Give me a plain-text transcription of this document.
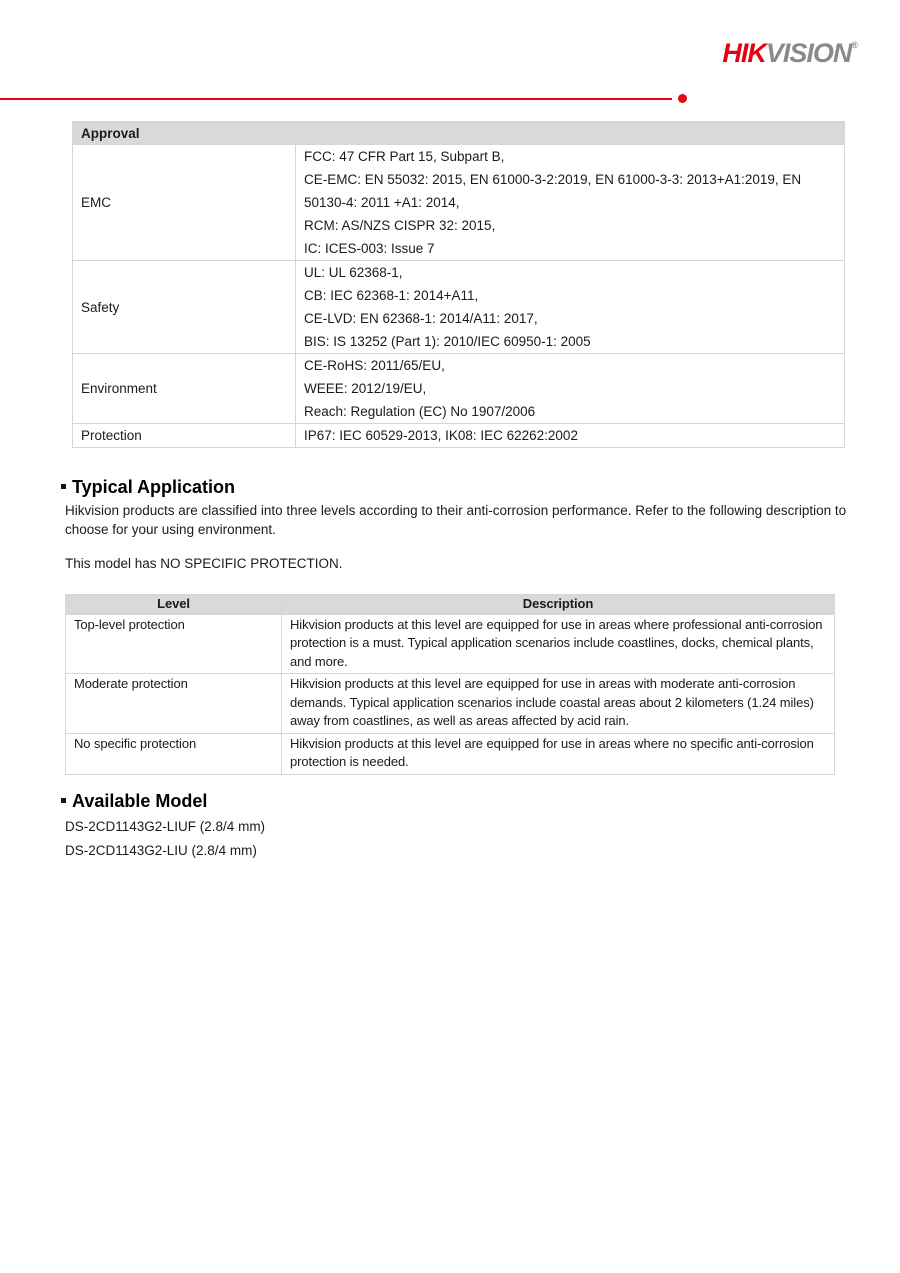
HIKVISION®
Approval	
EMC	FCC: 47 CFR Part 15, Subpart B,
CE-EMC: EN 55032: 2015, EN 61000-3-2:2019, EN 61000-3-3: 2013+A1:2019, EN 50130-4: 2011 +A1: 2014,
RCM: AS/NZS CISPR 32: 2015,
IC: ICES-003: Issue 7

Safety	UL: UL 62368-1,
CB: IEC 62368-1: 2014+A11,
CE-LVD: EN 62368-1: 2014/A11: 2017,
BIS: IS 13252 (Part 1): 2010/IEC 60950-1: 2005

Environment	CE-RoHS: 2011/65/EU,
WEEE: 2012/19/EU,
Reach: Regulation (EC) No 1907/2006

Protection	IP67: IEC 60529-2013, IK08: IEC 62262:2002
Typical Application
Hikvision products are classified into three levels according to their anti-corrosion performance. Refer to the following description to choose for your using environment.
This model has NO SPECIFIC PROTECTION.
Level	Description
Top-level protection	Hikvision products at this level are equipped for use in areas where professional anti-corrosion protection is a must. Typical application scenarios include coastlines, docks, chemical plants, and more.
Moderate protection	Hikvision products at this level are equipped for use in areas with moderate anti-corrosion demands. Typical application scenarios include coastal areas about 2 kilometers (1.24 miles) away from coastlines, as well as areas affected by acid rain.
No specific protection	Hikvision products at this level are equipped for use in areas where no specific anti-corrosion protection is needed.
Available Model
DS-2CD1143G2-LIUF (2.8/4 mm)
DS-2CD1143G2-LIU (2.8/4 mm)
